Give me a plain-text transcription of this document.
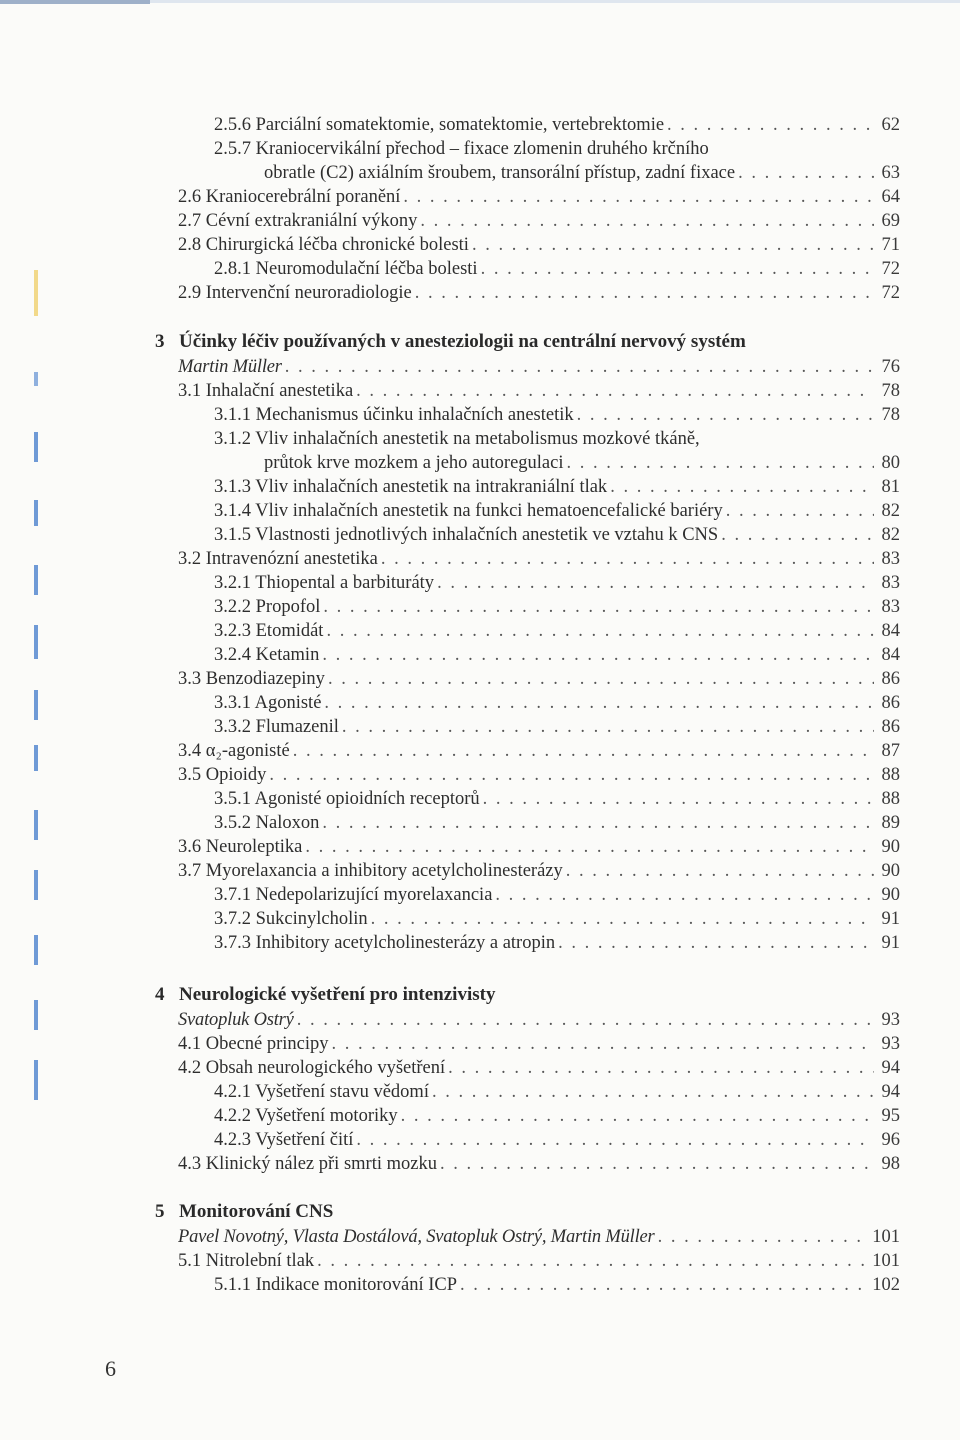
2.5.6 Parciální somatektomie, somatektomie, vertebrektomie . . .	62
2.5.7 Kraniocervikální přechod – fixace zlomenin druhého krčního
obratle (C2) axiálním šroubem, transorální přístup, zadní fixace . . .	63
2.6 Kraniocerebrální poranění . . .	64
2.7 Cévní extrakraniální výkony . . .	69
2.8 Chirurgická léčba chronické bolesti . . .	71
2.8.1 Neuromodulační léčba bolesti . . .	72
2.9 Intervenční neuroradiologie . . .	72
3 Účinky léčiv používaných v anesteziologii na centrální nervový systém
Martin Müller . . .	76
3.1 Inhalační anestetika . . .	78
3.1.1 Mechanismus účinku inhalačních anestetik . . .	78
3.1.2 Vliv inhalačních anestetik na metabolismus mozkové tkáně,
průtok krve mozkem a jeho autoregulaci . . .	80
3.1.3 Vliv inhalačních anestetik na intrakraniální tlak . . .	81
3.1.4 Vliv inhalačních anestetik na funkci hematoencefalické bariéry . . .	82
3.1.5 Vlastnosti jednotlivých inhalačních anestetik ve vztahu k CNS . . .	82
3.2 Intravenózní anestetika . . .	83
3.2.1 Thiopental a barbituráty . . .	83
3.2.2 Propofol . . .	83
3.2.3 Etomidát . . .	84
3.2.4 Ketamin . . .	84
3.3 Benzodiazepiny . . .	86
3.3.1 Agonisté . . .	86
3.3.2 Flumazenil . . .	86
3.4 α₂-agonisté . . .	87
3.5 Opioidy . . .	88
3.5.1 Agonisté opioidních receptorů . . .	88
3.5.2 Naloxon . . .	89
3.6 Neuroleptika . . .	90
3.7 Myorelaxancia a inhibitory acetylcholinesterázy . . .	90
3.7.1 Nedepolarizující myorelaxancia . . .	90
3.7.2 Sukcinylcholin . . .	91
3.7.3 Inhibitory acetylcholinesterázy a atropin . . .	91
4 Neurologické vyšetření pro intenzivisty
Svatopluk Ostrý . . .	93
4.1 Obecné principy . . .	93
4.2 Obsah neurologického vyšetření . . .	94
4.2.1 Vyšetření stavu vědomí . . .	94
4.2.2 Vyšetření motoriky . . .	95
4.2.3 Vyšetření čití . . .	96
4.3 Klinický nález při smrti mozku . . .	98
5 Monitorování CNS
Pavel Novotný, Vlasta Dostálová, Svatopluk Ostrý, Martin Müller . . .	101
5.1 Nitrolební tlak . . .	101
5.1.1 Indikace monitorování ICP . . .	102
6
